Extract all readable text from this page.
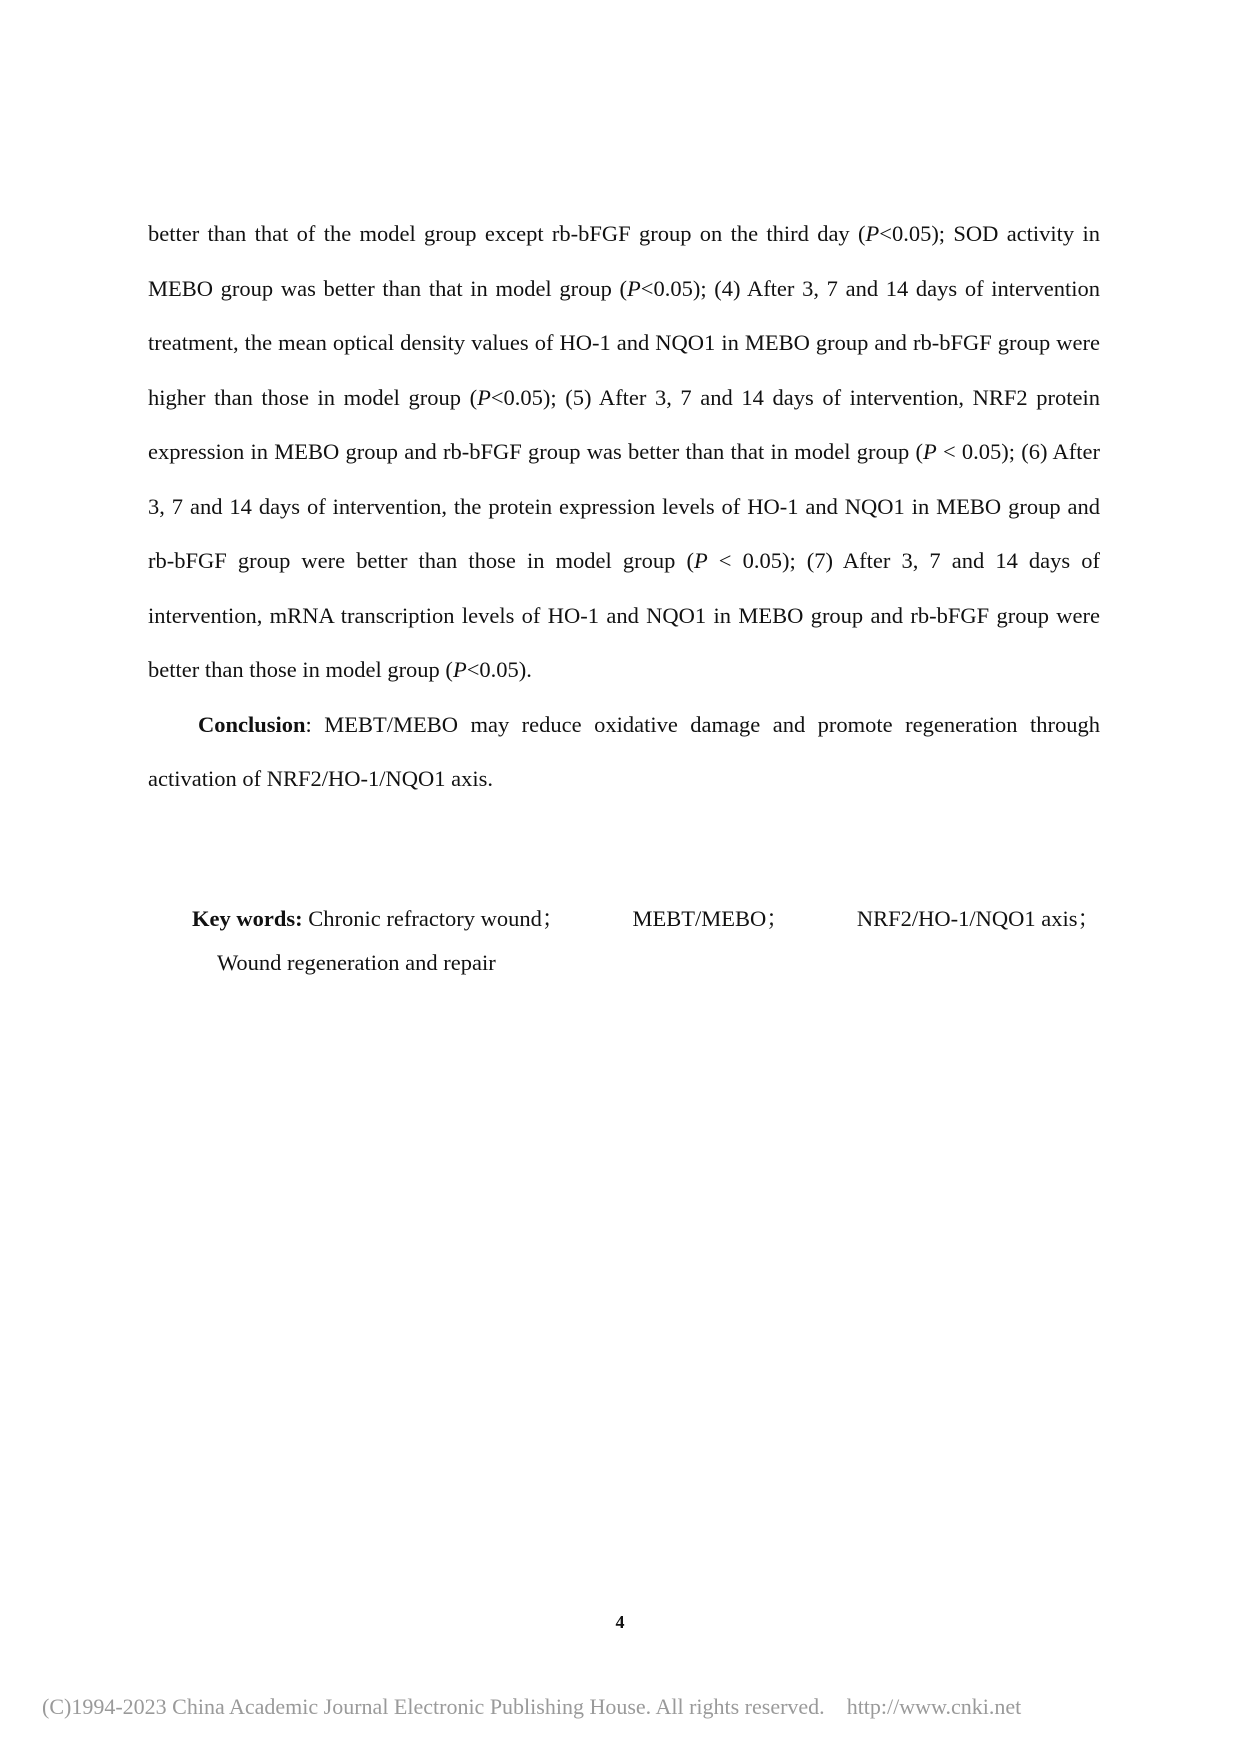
better than that of the model group except rb-bFGF group on the third day (P<0.05); SOD activity in MEBO group was better than that in model group (P<0.05); (4) After 3, 7 and 14 days of intervention treatment, the mean optical density values of HO-1 and NQO1 in MEBO group and rb-bFGF group were higher than those in model group (P<0.05); (5) After 3, 7 and 14 days of intervention, NRF2 protein expression in MEBO group and rb-bFGF group was better than that in model group (P < 0.05); (6) After 3, 7 and 14 days of intervention, the protein expression levels of HO-1 and NQO1 in MEBO group and rb-bFGF group were better than those in model group (P < 0.05); (7) After 3, 7 and 14 days of intervention, mRNA transcription levels of HO-1 and NQO1 in MEBO group and rb-bFGF group were better than those in model group (P<0.05).

Conclusion: MEBT/MEBO may reduce oxidative damage and promote regeneration through activation of NRF2/HO-1/NQO1 axis.

Key words: Chronic refractory wound；	MEBT/MEBO；	NRF2/HO-1/NQO1 axis；
Wound regeneration and repair
4
(C)1994-2023 China Academic Journal Electronic Publishing House. All rights reserved. http://www.cnki.net
